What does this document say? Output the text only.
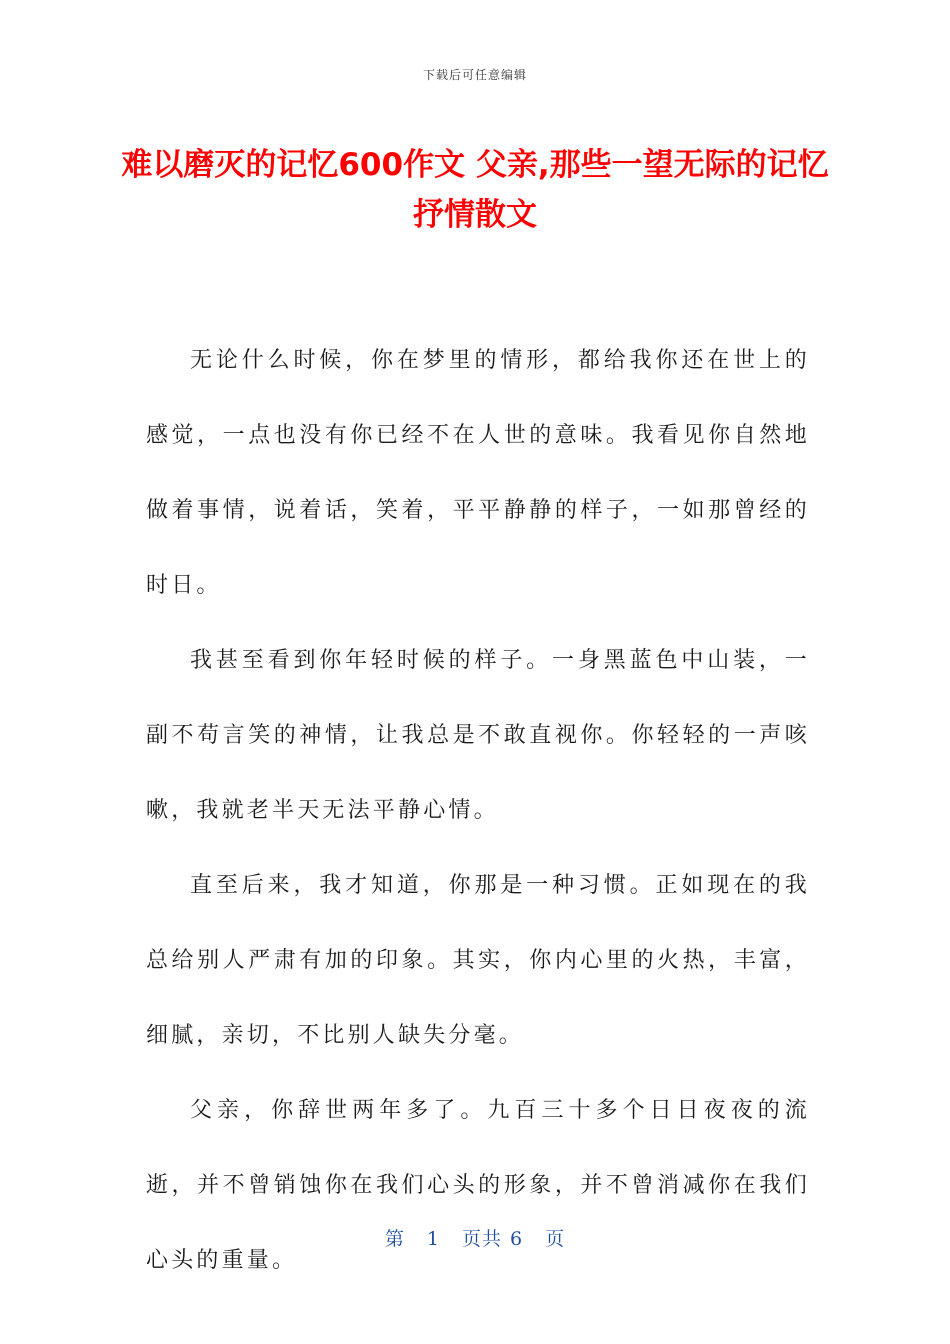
下载后可任意编辑
难以磨灭的记忆600作文 父亲,那些一望无际的记忆抒情散文

无论什么时候，你在梦里的情形，都给我你还在世上的感觉，一点也没有你已经不在人世的意味。我看见你自然地做着事情，说着话，笑着，平平静静的样子，一如那曾经的时日。

我甚至看到你年轻时候的样子。一身黑蓝色中山装，一副不苟言笑的神情，让我总是不敢直视你。你轻轻的一声咳嗽，我就老半天无法平静心情。

直至后来，我才知道，你那是一种习惯。正如现在的我总给别人严肃有加的印象。其实，你内心里的火热，丰富，细腻，亲切，不比别人缺失分毫。

父亲，你辞世两年多了。九百三十多个日日夜夜的流逝，并不曾销蚀你在我们心头的形象，并不曾消减你在我们心头的重量。

第 1 页共 6 页
